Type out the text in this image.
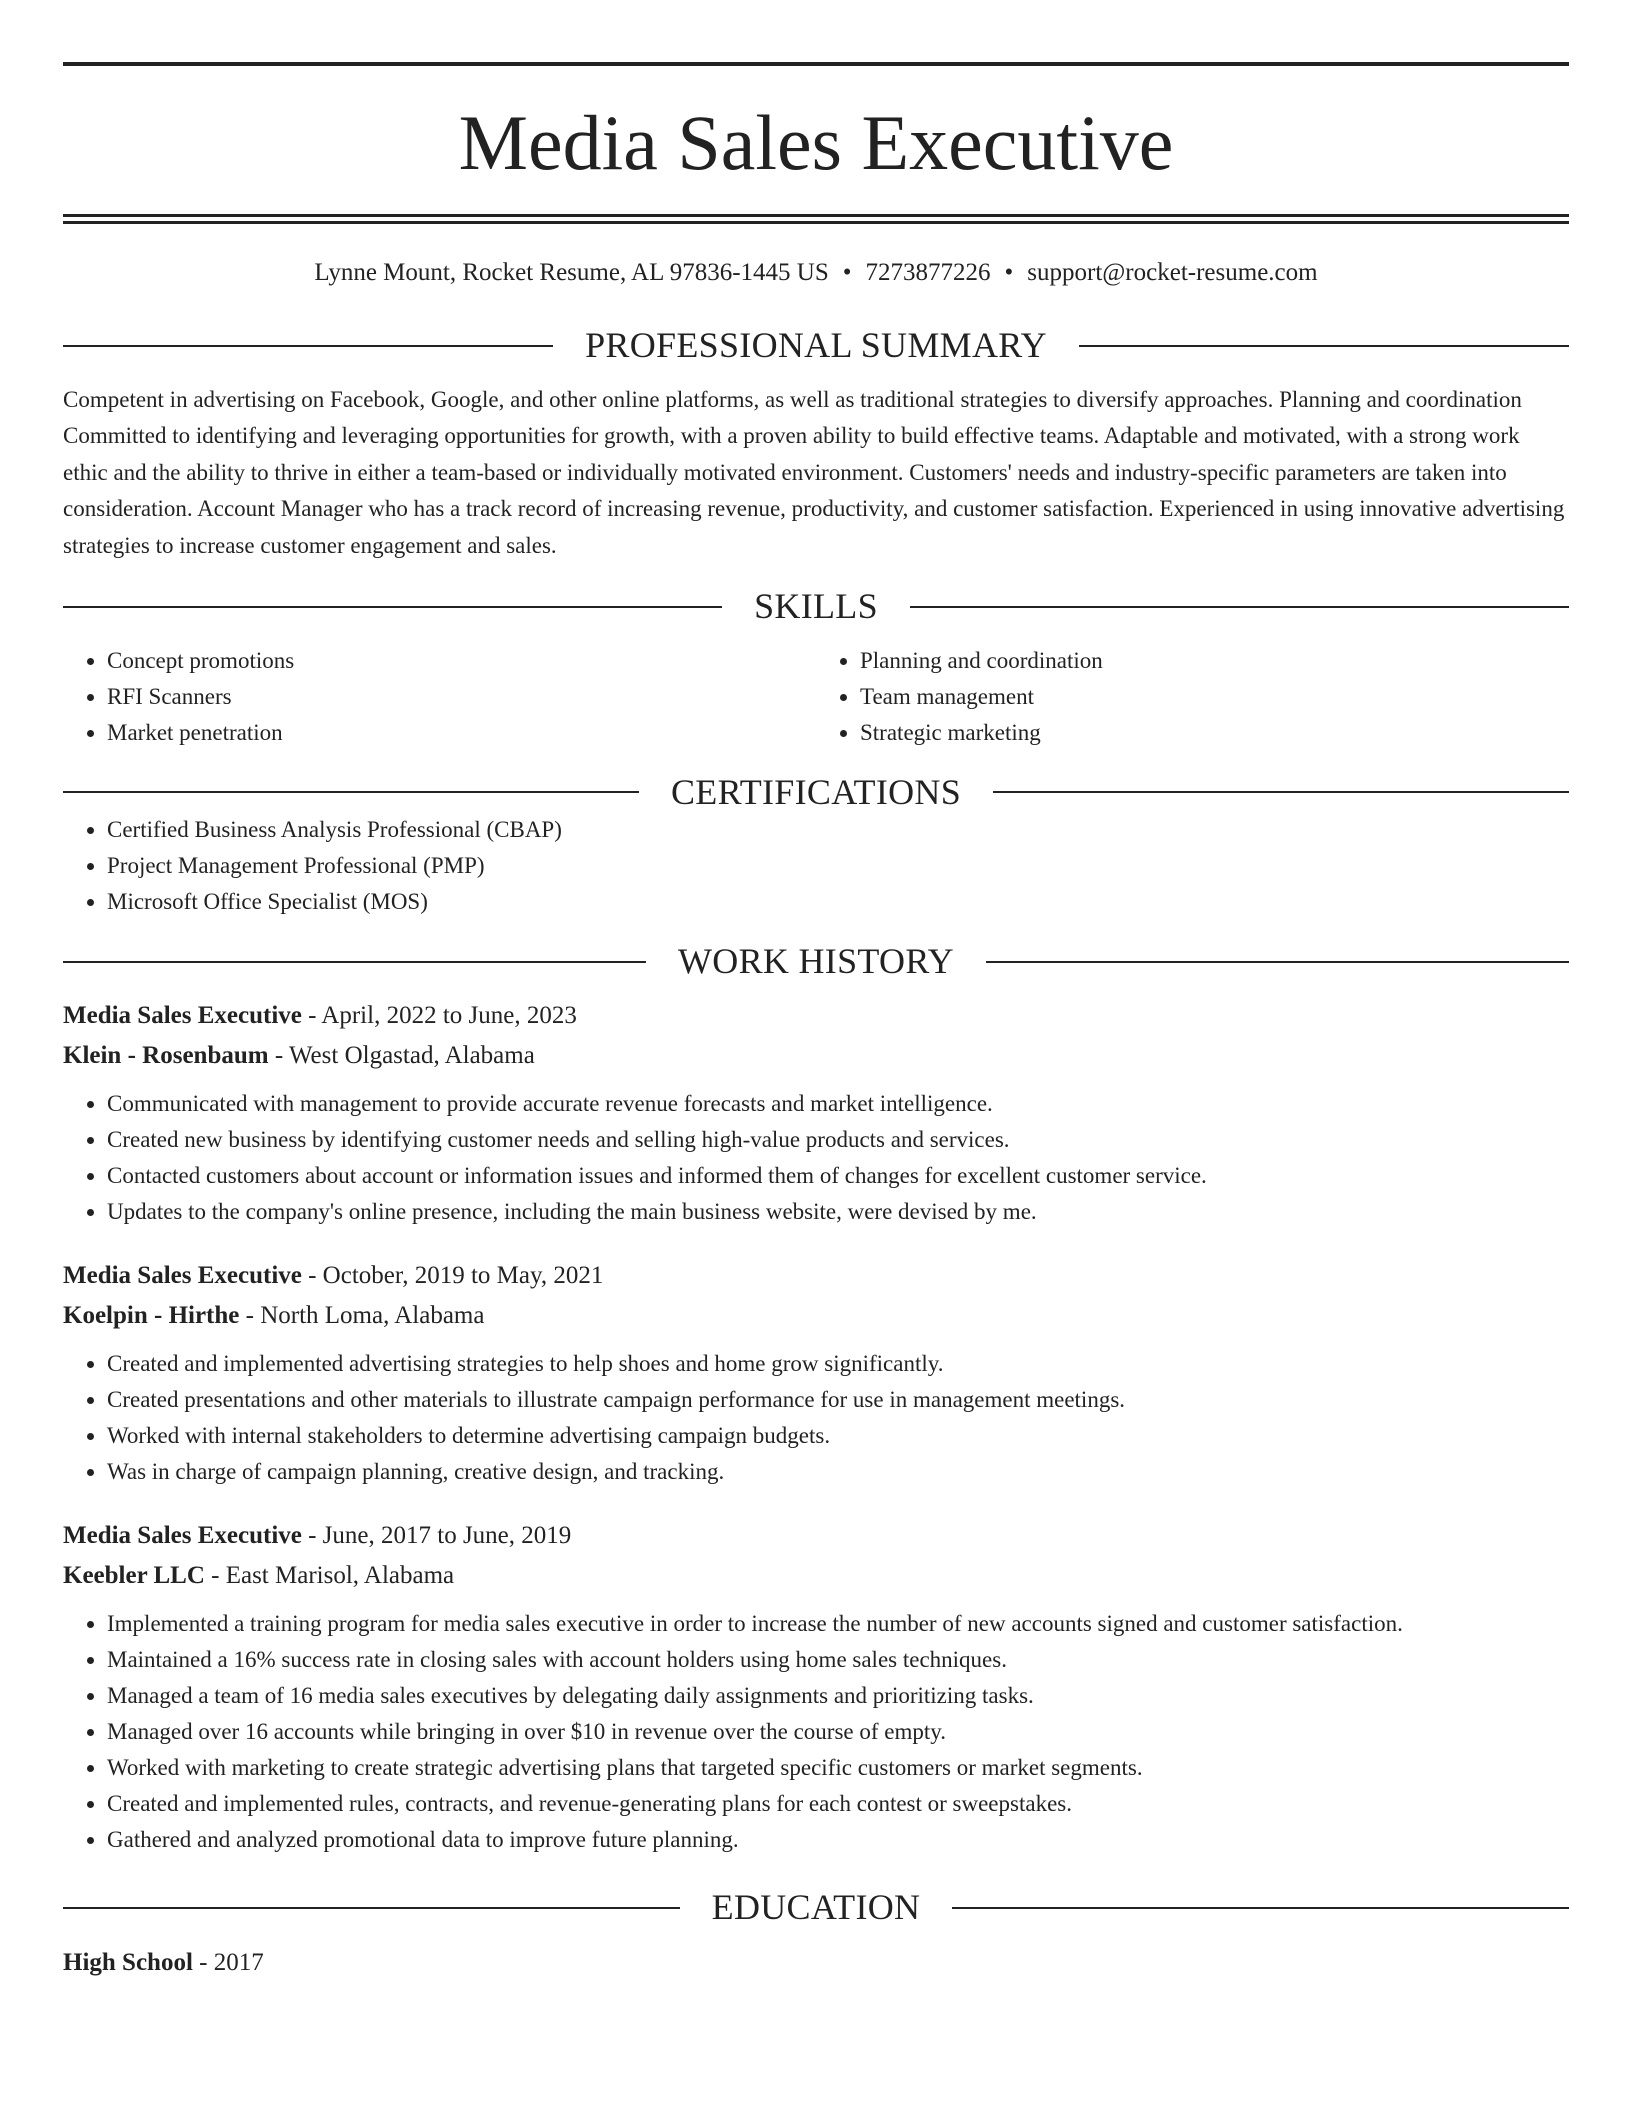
Media Sales Executive
Lynne Mount, Rocket Resume, AL 97836-1445 US • 7273877226 • support@rocket-resume.com
PROFESSIONAL SUMMARY

Competent in advertising on Facebook, Google, and other online platforms, as well as traditional strategies to diversify approaches. Planning and coordination Committed to identifying and leveraging opportunities for growth, with a proven ability to build effective teams. Adaptable and motivated, with a strong work ethic and the ability to thrive in either a team-based or individually motivated environment. Customers' needs and industry-specific parameters are taken into consideration. Account Manager who has a track record of increasing revenue, productivity, and customer satisfaction. Experienced in using innovative advertising strategies to increase customer engagement and sales.

SKILLS
• Concept promotions
• RFI Scanners
• Market penetration
• Planning and coordination
• Team management
• Strategic marketing
CERTIFICATIONS
• Certified Business Analysis Professional (CBAP)
• Project Management Professional (PMP)
• Microsoft Office Specialist (MOS)
WORK HISTORY
Media Sales Executive - April, 2022 to June, 2023
Klein - Rosenbaum - West Olgastad, Alabama
• Communicated with management to provide accurate revenue forecasts and market intelligence.
• Created new business by identifying customer needs and selling high-value products and services.
• Contacted customers about account or information issues and informed them of changes for excellent customer service.
• Updates to the company's online presence, including the main business website, were devised by me.
Media Sales Executive - October, 2019 to May, 2021
Koelpin - Hirthe - North Loma, Alabama
• Created and implemented advertising strategies to help shoes and home grow significantly.
• Created presentations and other materials to illustrate campaign performance for use in management meetings.
• Worked with internal stakeholders to determine advertising campaign budgets.
• Was in charge of campaign planning, creative design, and tracking.
Media Sales Executive - June, 2017 to June, 2019
Keebler LLC - East Marisol, Alabama
• Implemented a training program for media sales executive in order to increase the number of new accounts signed and customer satisfaction.
• Maintained a 16% success rate in closing sales with account holders using home sales techniques.
• Managed a team of 16 media sales executives by delegating daily assignments and prioritizing tasks.
• Managed over 16 accounts while bringing in over $10 in revenue over the course of empty.
• Worked with marketing to create strategic advertising plans that targeted specific customers or market segments.
• Created and implemented rules, contracts, and revenue-generating plans for each contest or sweepstakes.
• Gathered and analyzed promotional data to improve future planning.
EDUCATION
High School - 2017
